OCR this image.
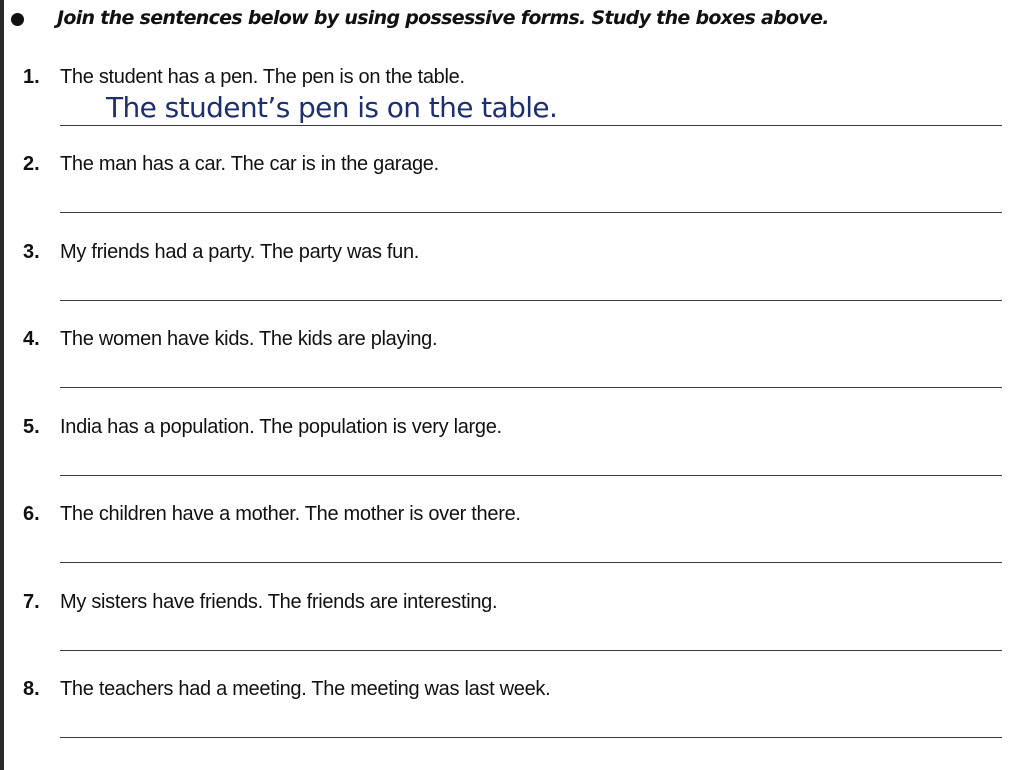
Join the sentences below by using possessive forms. Study the boxes above.
1. The student has a pen. The pen is on the table.
The student’s pen is on the table.
2. The man has a car. The car is in the garage.
3. My friends had a party. The party was fun.
4. The women have kids. The kids are playing.
5. India has a population. The population is very large.
6. The children have a mother. The mother is over there.
7. My sisters have friends. The friends are interesting.
8. The teachers had a meeting. The meeting was last week.
